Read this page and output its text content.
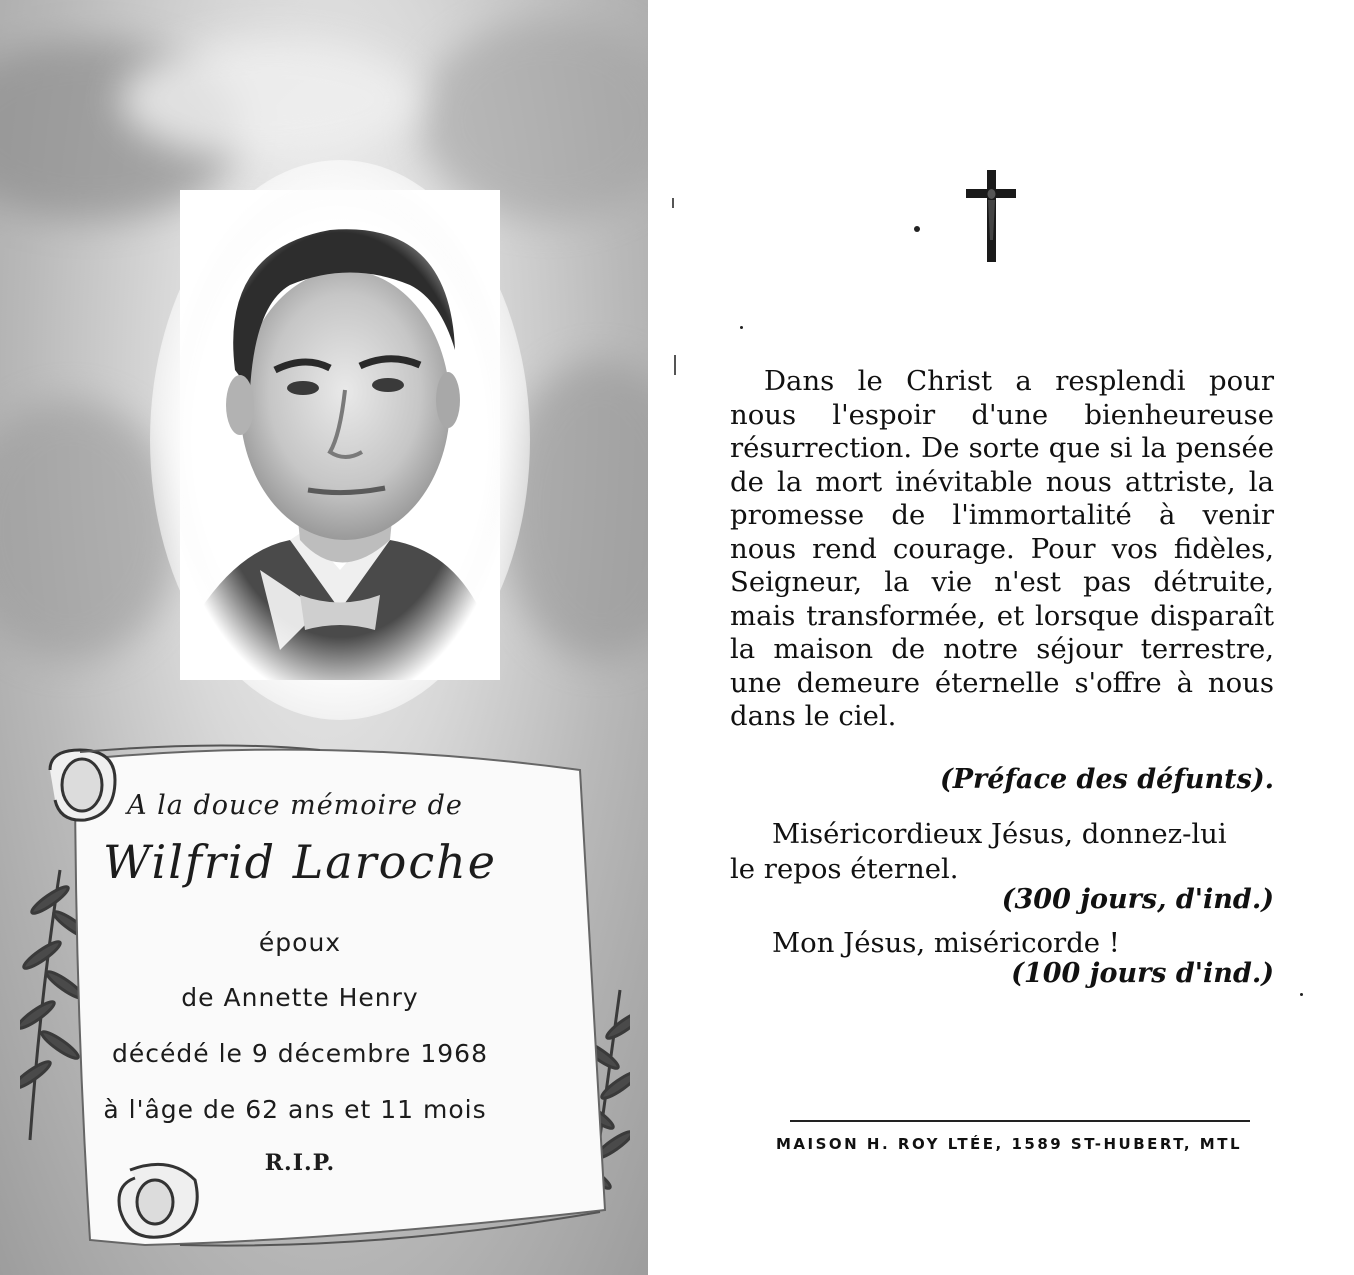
A la douce mémoire de
Wilfrid Laroche
époux
de Annette Henry
décédé le 9 décembre 1968
à l'âge de 62 ans et 11 mois
R.I.P.
Dans le Christ a resplendi pour nous l'espoir d'une bienheureuse résurrection. De sorte que si la pensée de la mort inévitable nous attriste, la promesse de l'immortalité à venir nous rend courage. Pour vos fidèles, Seigneur, la vie n'est pas détruite, mais transformée, et lorsque disparaît la maison de notre séjour terrestre, une demeure éternelle s'offre à nous dans le ciel.
(Préface des défunts).
Miséricordieux Jésus, donnez-lui
le repos éternel.
(300 jours, d'ind.)
Mon Jésus, miséricorde !
(100 jours d'ind.)
MAISON H. ROY LTÉE, 1589 ST-HUBERT, MTL
